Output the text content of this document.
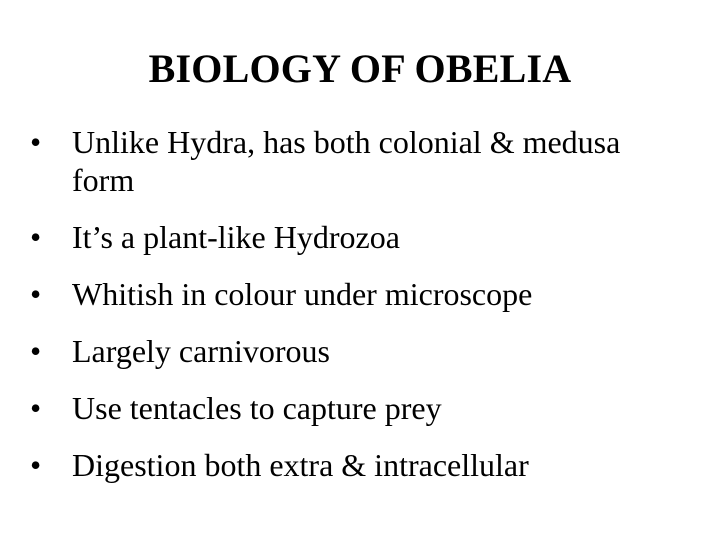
BIOLOGY OF OBELIA
• Unlike Hydra, has both colonial & medusa form
• It’s a plant-like Hydrozoa
• Whitish in colour under microscope
• Largely carnivorous
• Use tentacles to capture prey
• Digestion both extra & intracellular
